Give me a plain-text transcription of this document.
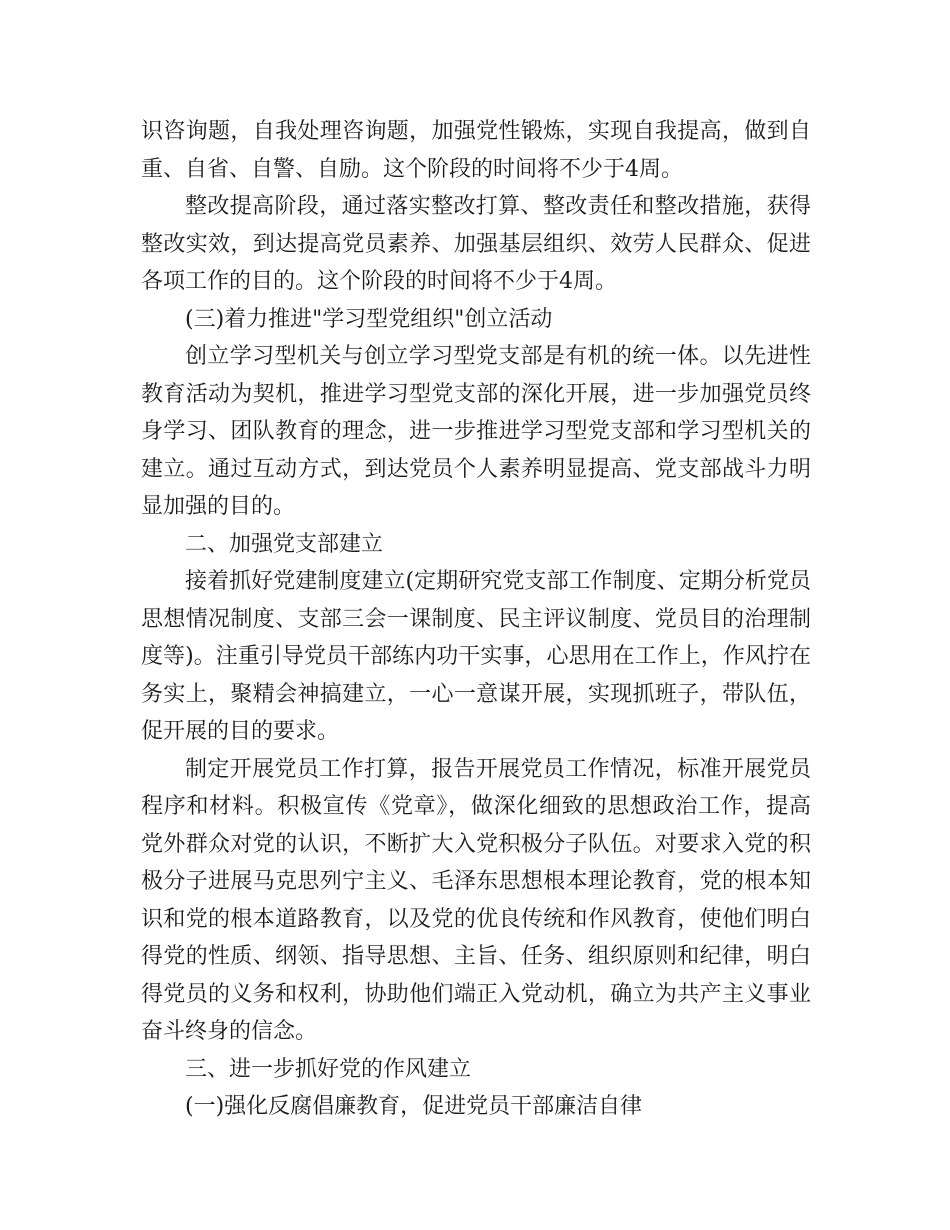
识咨询题，自我处理咨询题，加强党性锻炼，实现自我提高，做到自重、自省、自警、自励。这个阶段的时间将不少于4周。

整改提高阶段，通过落实整改打算、整改责任和整改措施，获得整改实效，到达提高党员素养、加强基层组织、效劳人民群众、促进各项工作的目的。这个阶段的时间将不少于4周。

(三)着力推进"学习型党组织"创立活动

创立学习型机关与创立学习型党支部是有机的统一体。以先进性教育活动为契机，推进学习型党支部的深化开展，进一步加强党员终身学习、团队教育的理念，进一步推进学习型党支部和学习型机关的建立。通过互动方式，到达党员个人素养明显提高、党支部战斗力明显加强的目的。

二、加强党支部建立

接着抓好党建制度建立(定期研究党支部工作制度、定期分析党员思想情况制度、支部三会一课制度、民主评议制度、党员目的治理制度等)。注重引导党员干部练内功干实事，心思用在工作上，作风拧在务实上，聚精会神搞建立，一心一意谋开展，实现抓班子，带队伍，促开展的目的要求。

制定开展党员工作打算，报告开展党员工作情况，标准开展党员程序和材料。积极宣传《党章》，做深化细致的思想政治工作，提高党外群众对党的认识，不断扩大入党积极分子队伍。对要求入党的积极分子进展马克思列宁主义、毛泽东思想根本理论教育，党的根本知识和党的根本道路教育，以及党的优良传统和作风教育，使他们明白得党的性质、纲领、指导思想、主旨、任务、组织原则和纪律，明白得党员的义务和权利，协助他们端正入党动机，确立为共产主义事业奋斗终身的信念。

三、进一步抓好党的作风建立

(一)强化反腐倡廉教育，促进党员干部廉洁自律
